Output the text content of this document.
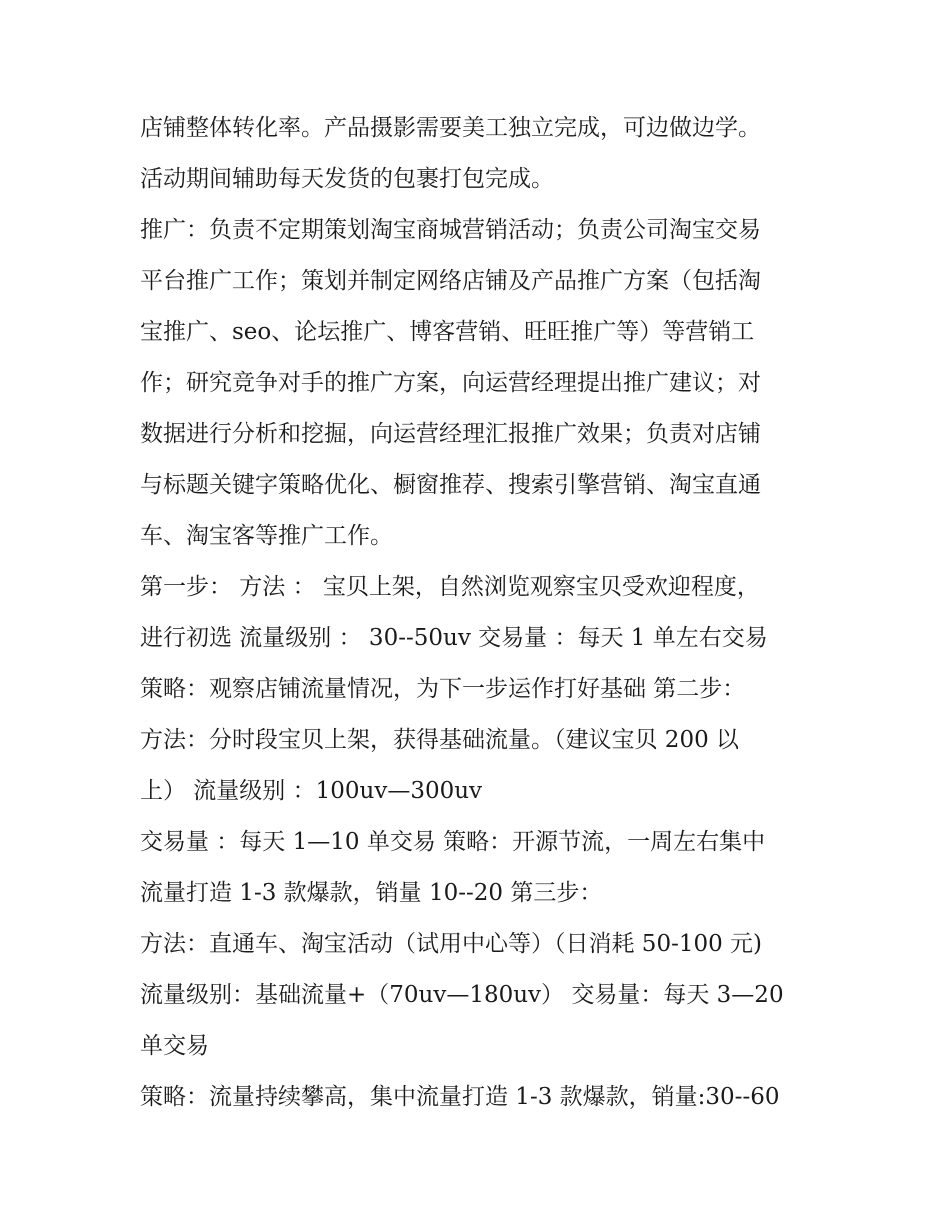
店铺整体转化率。产品摄影需要美工独立完成，可边做边学。
活动期间辅助每天发货的包裹打包完成。
推广：负责不定期策划淘宝商城营销活动；负责公司淘宝交易
平台推广工作；策划并制定网络店铺及产品推广方案（包括淘
宝推广、seo、论坛推广、博客营销、旺旺推广等）等营销工
作；研究竞争对手的推广方案，向运营经理提出推广建议；对
数据进行分析和挖掘，向运营经理汇报推广效果；负责对店铺
与标题关键字策略优化、橱窗推荐、搜索引擎营销、淘宝直通
车、淘宝客等推广工作。
第一步： 方法 ： 宝贝上架，自然浏览观察宝贝受欢迎程度，
进行初选 流量级别 ： 30--50uv 交易量 ：每天 1 单左右交易
策略：观察店铺流量情况，为下一步运作打好基础 第二步：
方法：分时段宝贝上架，获得基础流量。（建议宝贝 200 以
上） 流量级别 ：100uv—300uv
交易量 ：每天 1—10 单交易 策略：开源节流，一周左右集中
流量打造 1-3 款爆款，销量 10--20 第三步：
方法：直通车、淘宝活动（试用中心等）（日消耗 50-100 元)
流量级别：基础流量+（70uv—180uv） 交易量：每天 3—20
单交易
策略：流量持续攀高，集中流量打造 1-3 款爆款，销量:30--60
